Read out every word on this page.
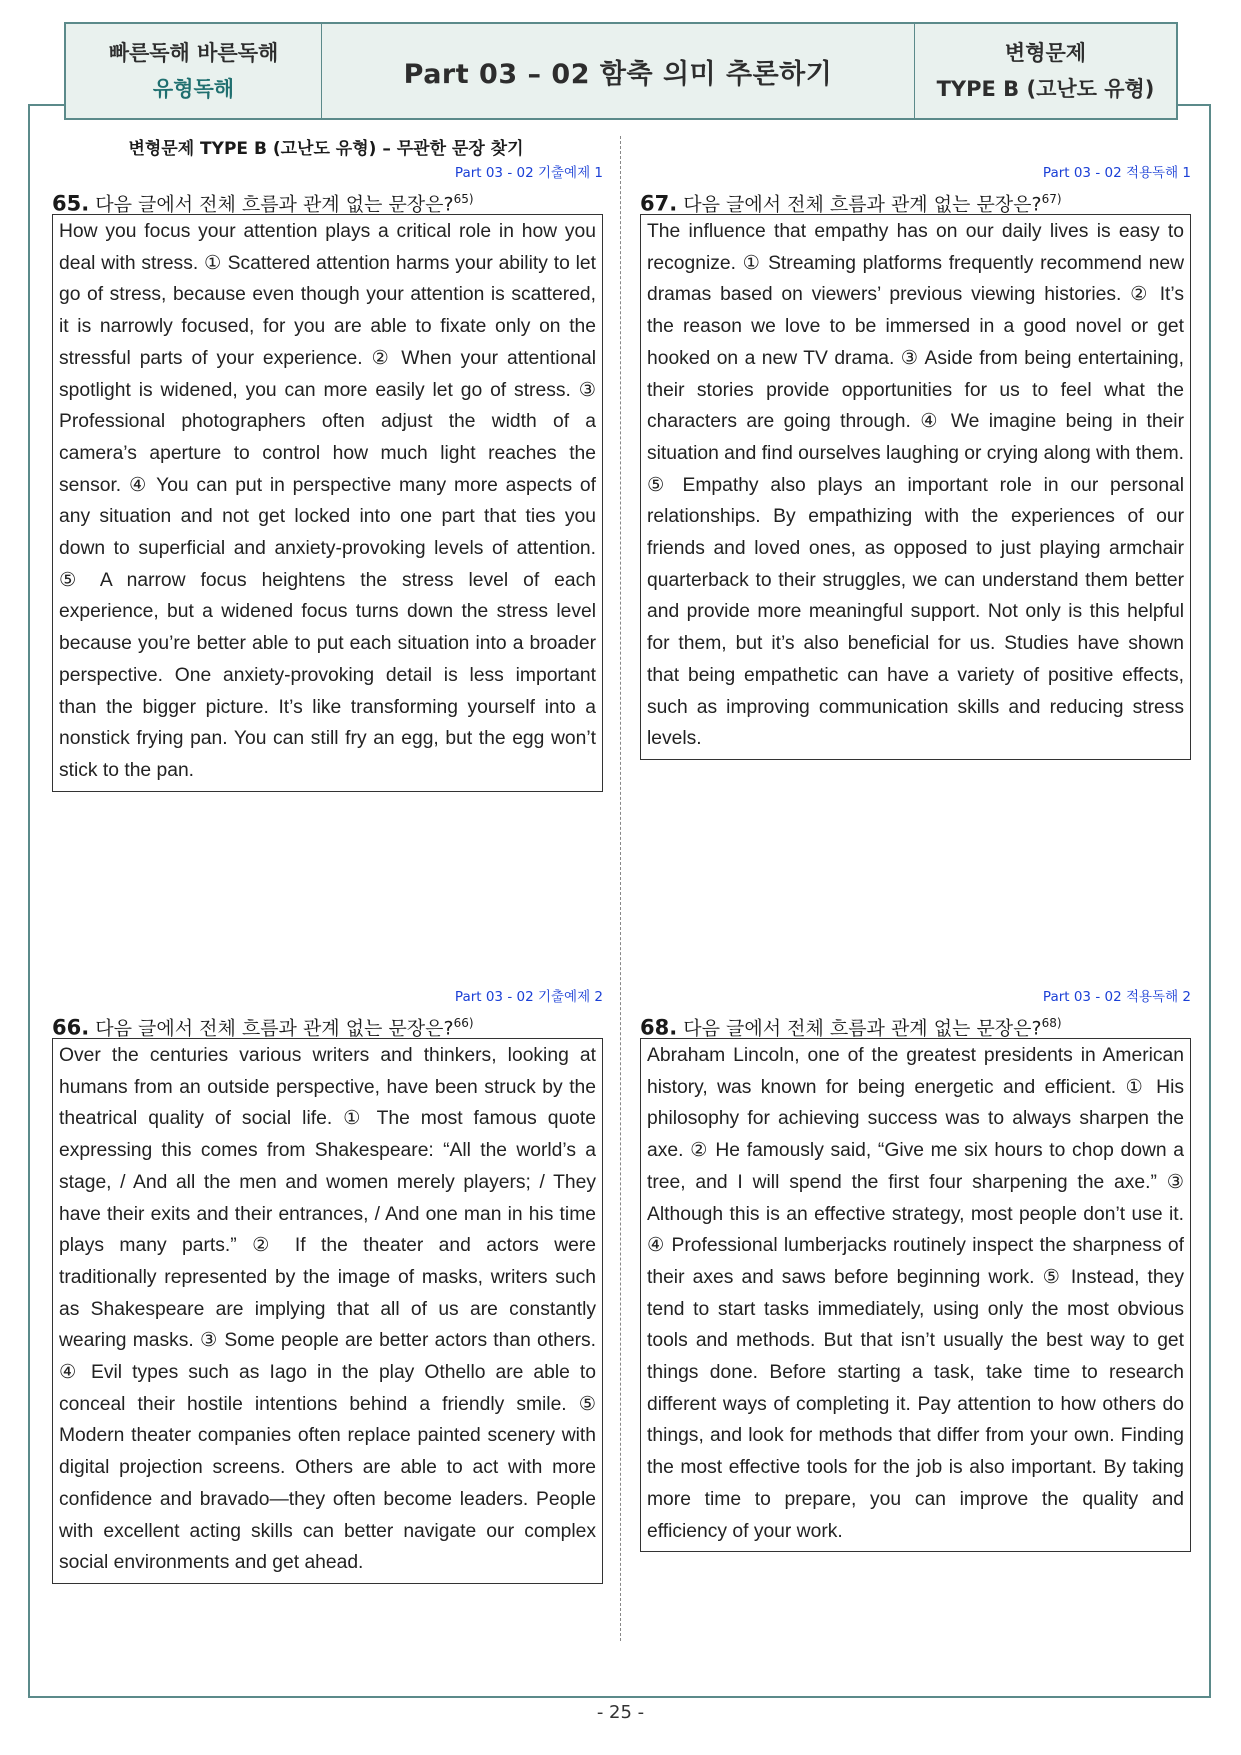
빠른독해 바른독해
유형독해	Part 03 – 02 함축 의미 추론하기
변형문제
TYPE B (고난도 유형)
변형문제 TYPE B (고난도 유형) – 무관한 문장 찾기
Part 03 - 02 기출예제 1
65. 다음 글에서 전체 흐름과 관계 없는 문장은?$^{65)}$
How you focus your attention plays a critical role in how you deal with stress. ① Scattered attention harms your ability to let go of stress, because even though your attention is scattered, it is narrowly focused, for you are able to fixate only on the stressful parts of your experience. ② When your attentional spotlight is widened, you can more easily let go of stress. ③ Professional photographers often adjust the width of a camera’s aperture to control how much light reaches the sensor. ④ You can put in perspective many more aspects of any situation and not get locked into one part that ties you down to superficial and anxiety-provoking levels of attention. ⑤ A narrow focus heightens the stress level of each experience, but a widened focus turns down the stress level because you’re better able to put each situation into a broader perspective. One anxiety-provoking detail is less important than the bigger picture. It’s like transforming yourself into a nonstick frying pan. You can still fry an egg, but the egg won’t stick to the pan.
Part 03 - 02 적용독해 1
67. 다음 글에서 전체 흐름과 관계 없는 문장은?$^{67)}$
The influence that empathy has on our daily lives is easy to recognize. ① Streaming platforms frequently recommend new dramas based on viewers’ previous viewing histories. ② It’s the reason we love to be immersed in a good novel or get hooked on a new TV drama. ③ Aside from being entertaining, their stories provide opportunities for us to feel what the characters are going through. ④ We imagine being in their situation and find ourselves laughing or crying along with them. ⑤ Empathy also plays an important role in our personal relationships. By empathizing with the experiences of our friends and loved ones, as opposed to just playing armchair quarterback to their struggles, we can understand them better and provide more meaningful support. Not only is this helpful for them, but it’s also beneficial for us. Studies have shown that being empathetic can have a variety of positive effects, such as improving communication skills and reducing stress levels.
Part 03 - 02 기출예제 2
66. 다음 글에서 전체 흐름과 관계 없는 문장은?$^{66)}$
Over the centuries various writers and thinkers, looking at humans from an outside perspective, have been struck by the theatrical quality of social life. ① The most famous quote expressing this comes from Shakespeare: “All the world’s a stage, / And all the men and women merely players; / They have their exits and their entrances, / And one man in his time plays many parts.” ② If the theater and actors were traditionally represented by the image of masks, writers such as Shakespeare are implying that all of us are constantly wearing masks. ③ Some people are better actors than others. ④ Evil types such as Iago in the play Othello are able to conceal their hostile intentions behind a friendly smile. ⑤ Modern theater companies often replace painted scenery with digital projection screens. Others are able to act with more confidence and bravado—they often become leaders. People with excellent acting skills can better navigate our complex social environments and get ahead.
Part 03 - 02 적용독해 2
68. 다음 글에서 전체 흐름과 관계 없는 문장은?$^{68)}$
Abraham Lincoln, one of the greatest presidents in American history, was known for being energetic and efficient. ① His philosophy for achieving success was to always sharpen the axe. ② He famously said, “Give me six hours to chop down a tree, and I will spend the first four sharpening the axe.” ③ Although this is an effective strategy, most people don’t use it. ④ Professional lumberjacks routinely inspect the sharpness of their axes and saws before beginning work. ⑤ Instead, they tend to start tasks immediately, using only the most obvious tools and methods. But that isn’t usually the best way to get things done. Before starting a task, take time to research different ways of completing it. Pay attention to how others do things, and look for methods that differ from your own. Finding the most effective tools for the job is also important. By taking more time to prepare, you can improve the quality and efficiency of your work.
- 25 -
